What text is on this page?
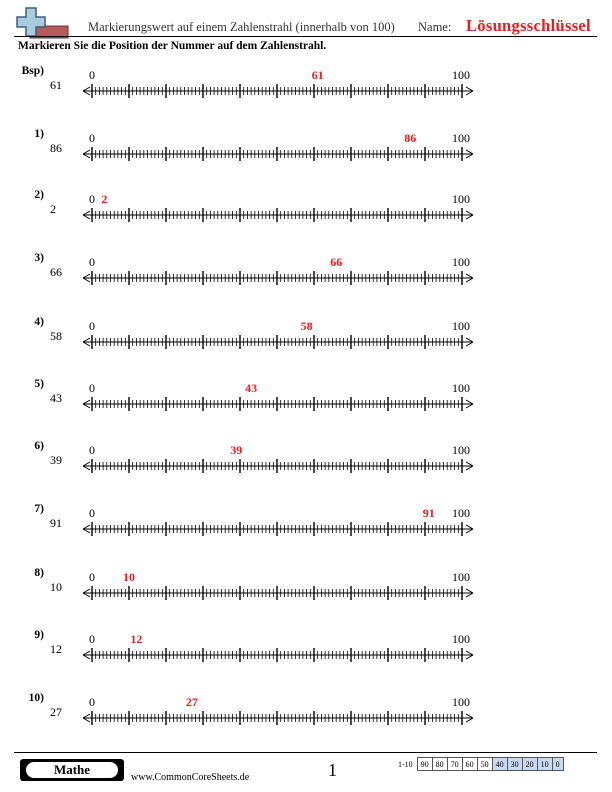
Markierungswert auf einem Zahlenstrahl (innerhalb von 100) Name: Lösungsschlüssel
Markieren Sie die Position der Nummer auf dem Zahlenstrahl.
Bsp)
61
0	100
61
1)
86
0	100
86
2)
2
0	100
2
3)
66
0	100
66
4)
58
0	100
58
5)
43
0	100
43
6)
39
0	100
39
7)
91
0	100
91
8)
10
0	100
10
9)
12
0	100
12
10)
27
0	100
27
Mathe
www.CommonCoreSheets.de	1	1-10	90	80	70	60	50	40	30	20	10	0
